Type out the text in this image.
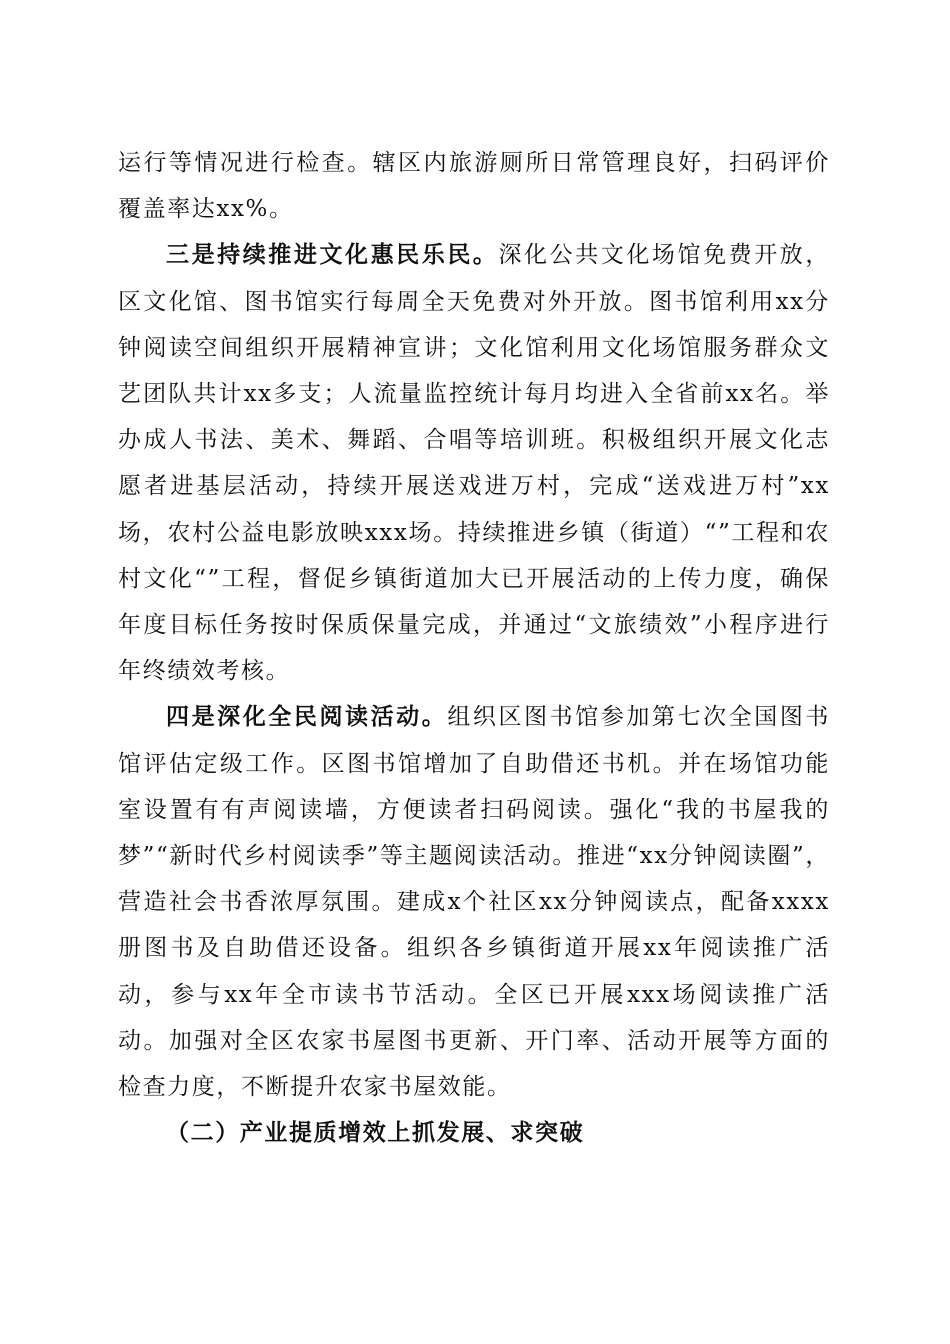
运行等情况进行检查。辖区内旅游厕所日常管理良好，扫码评价覆盖率达xx%。

三是持续推进文化惠民乐民。深化公共文化场馆免费开放，区文化馆、图书馆实行每周全天免费对外开放。图书馆利用xx分钟阅读空间组织开展精神宣讲；文化馆利用文化场馆服务群众文艺团队共计xx多支；人流量监控统计每月均进入全省前xx名。举办成人书法、美术、舞蹈、合唱等培训班。积极组织开展文化志愿者进基层活动，持续开展送戏进万村，完成“送戏进万村”xx场，农村公益电影放映xxx场。持续推进乡镇（街道）“”工程和农村文化“”工程，督促乡镇街道加大已开展活动的上传力度，确保年度目标任务按时保质保量完成，并通过“文旅绩效”小程序进行年终绩效考核。

四是深化全民阅读活动。组织区图书馆参加第七次全国图书馆评估定级工作。区图书馆增加了自助借还书机。并在场馆功能室设置有有声阅读墙，方便读者扫码阅读。强化“我的书屋我的梦”“新时代乡村阅读季”等主题阅读活动。推进“xx分钟阅读圈”，营造社会书香浓厚氛围。建成x个社区xx分钟阅读点，配备xxxx册图书及自助借还设备。组织各乡镇街道开展xx年阅读推广活动，参与xx年全市读书节活动。全区已开展xxx场阅读推广活动。加强对全区农家书屋图书更新、开门率、活动开展等方面的检查力度，不断提升农家书屋效能。

（二）产业提质增效上抓发展、求突破
